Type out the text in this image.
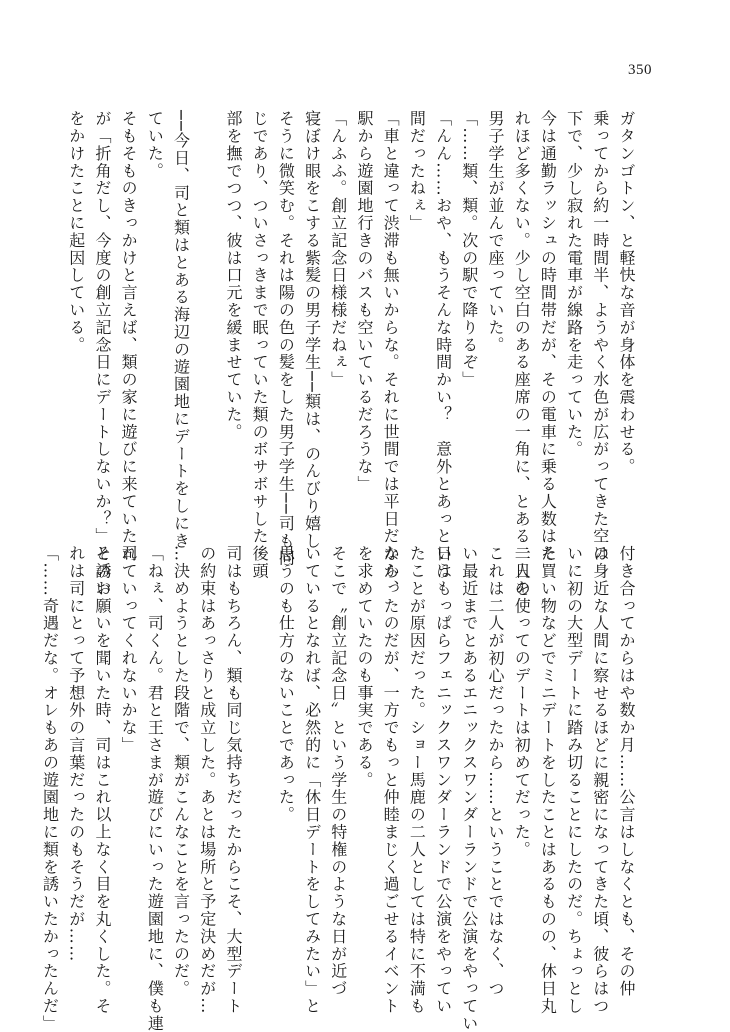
350
ガタンゴトン、と軽快な音が身体を震わせる。
乗ってから約一時間半、ようやく水色が広がってきた空の
下で、少し寂れた電車が線路を走っていた。
今は通勤ラッシュの時間帯だが、その電車に乗る人数はそ
れほど多くない。少し空白のある座席の一角に、とある二人の
男子学生が並んで座っていた。
「……類、類。次の駅で降りるぞ」
「んん……おや、もうそんな時間かい？　意外とあっという
間だったねぇ」
「車と違って渋滞も無いからな。それに世間では平日だから、
駅から遊園地行きのバスも空いているだろうな」
「んふふ。創立記念日様様だねぇ」
寝ぼけ眼をこする紫髪の男子学生──類は、のんびり嬉し
そうに微笑む。それは陽の色の髪をした男子学生──司も同
じであり、ついさっきまで眠っていた類のボサボサした後頭
部を撫でつつ、彼は口元を緩ませていた。

──今日、司と類はとある海辺の遊園地にデートをしにき
ていた。
そもそものきっかけと言えば、類の家に遊びに来ていた司
が「折角だし、今度の創立記念日にデートしないか？」と誘い
をかけたことに起因している。
付き合ってからはや数か月……公言はしなくとも、その仲
は身近な人間に察せるほどに親密になってきた頃、彼らはつ
いに初の大型デートに踏み切ることにしたのだ。ちょっとし
た買い物などでミニデートをしたことはあるものの、休日丸
一日を使ってのデートは初めてだった。
これは二人が初心だったから……ということではなく、つ
い最近までとあるエニックスワンダーランドで公演をやってい
日はもっぱらフェニックスワンダーランドで公演をやってい
たことが原因だった。ショー馬鹿の二人としては特に不満も
なかったのだが、一方でもっと仲睦まじく過ごせるイベント
を求めていたのも事実である。
そこで〝創立記念日〟という学生の特権のような日が近づ
いているとなれば、必然的に「休日デートをしてみたい」と
思うのも仕方のないことであった。

司はもちろん、類も同じ気持ちだったからこそ、大型デート
の約束はあっさりと成立した。あとは場所と予定決めだが…
…決めようとした段階で、類がこんなことを言ったのだ。
「ねぇ、司くん。君と王さまが遊びにいった遊園地に、僕も連
れていってくれないかな」
そのお願いを聞いた時、司はこれ以上なく目を丸くした。そ
れは司にとって予想外の言葉だったのもそうだが……
「……奇遇だな。オレもあの遊園地に類を誘いたかったんだ」
